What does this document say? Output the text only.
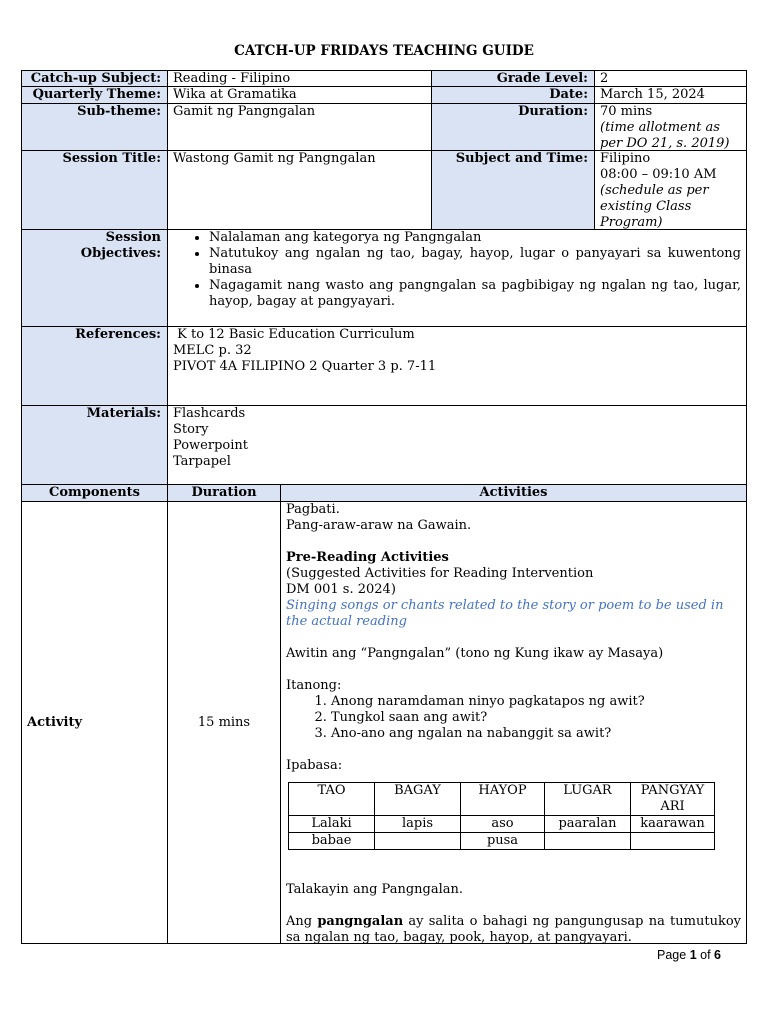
CATCH-UP FRIDAYS TEACHING GUIDE
Catch-up Subject: Reading - Filipino	Grade Level: 2
Quarterly Theme: Wika at Gramatika	Date: March 15, 2024
Sub-theme: Gamit ng Pangngalan	Duration: 70 mins
(time allotment as per DO 21, s. 2019)
Session Title: Wastong Gamit ng Pangngalan	Subject and Time: Filipino
08:00 – 09:10 AM
(schedule as per existing Class Program)
Session Objectives:
• Nalalaman ang kategorya ng Pangngalan
• Natutukoy ang ngalan ng tao, bagay, hayop, lugar o panyayari sa kuwentong binasa
• Nagagamit nang wasto ang pangngalan sa pagbibigay ng ngalan ng tao, lugar, hayop, bagay at pangyayari.
References: K to 12 Basic Education Curriculum
MELC p. 32
PIVOT 4A FILIPINO 2 Quarter 3 p. 7-11
Materials: Flashcards
Story
Powerpoint
Tarpapel
Components	Duration	Activities
Activity	15 mins
Pagbati.
Pang-araw-araw na Gawain.
Pre-Reading Activities
(Suggested Activities for Reading Intervention
DM 001 s. 2024)
Singing songs or chants related to the story or poem to be used in the actual reading
Awitin ang “Pangngalan” (tono ng Kung ikaw ay Masaya)
Itanong:
1. Anong naramdaman ninyo pagkatapos ng awit?
2. Tungkol saan ang awit?
3. Ano-ano ang ngalan na nabanggit sa awit?
Ipabasa:
TAO	BAGAY	HAYOP	LUGAR	PANGYAY ARI
Lalaki	lapis	aso	paaralan	kaarawan
babae		pusa		
Talakayin ang Pangngalan.
Ang pangngalan ay salita o bahagi ng pangungusap na tumutukoy sa ngalan ng tao, bagay, pook, hayop, at pangyayari.
Page 1 of 6
